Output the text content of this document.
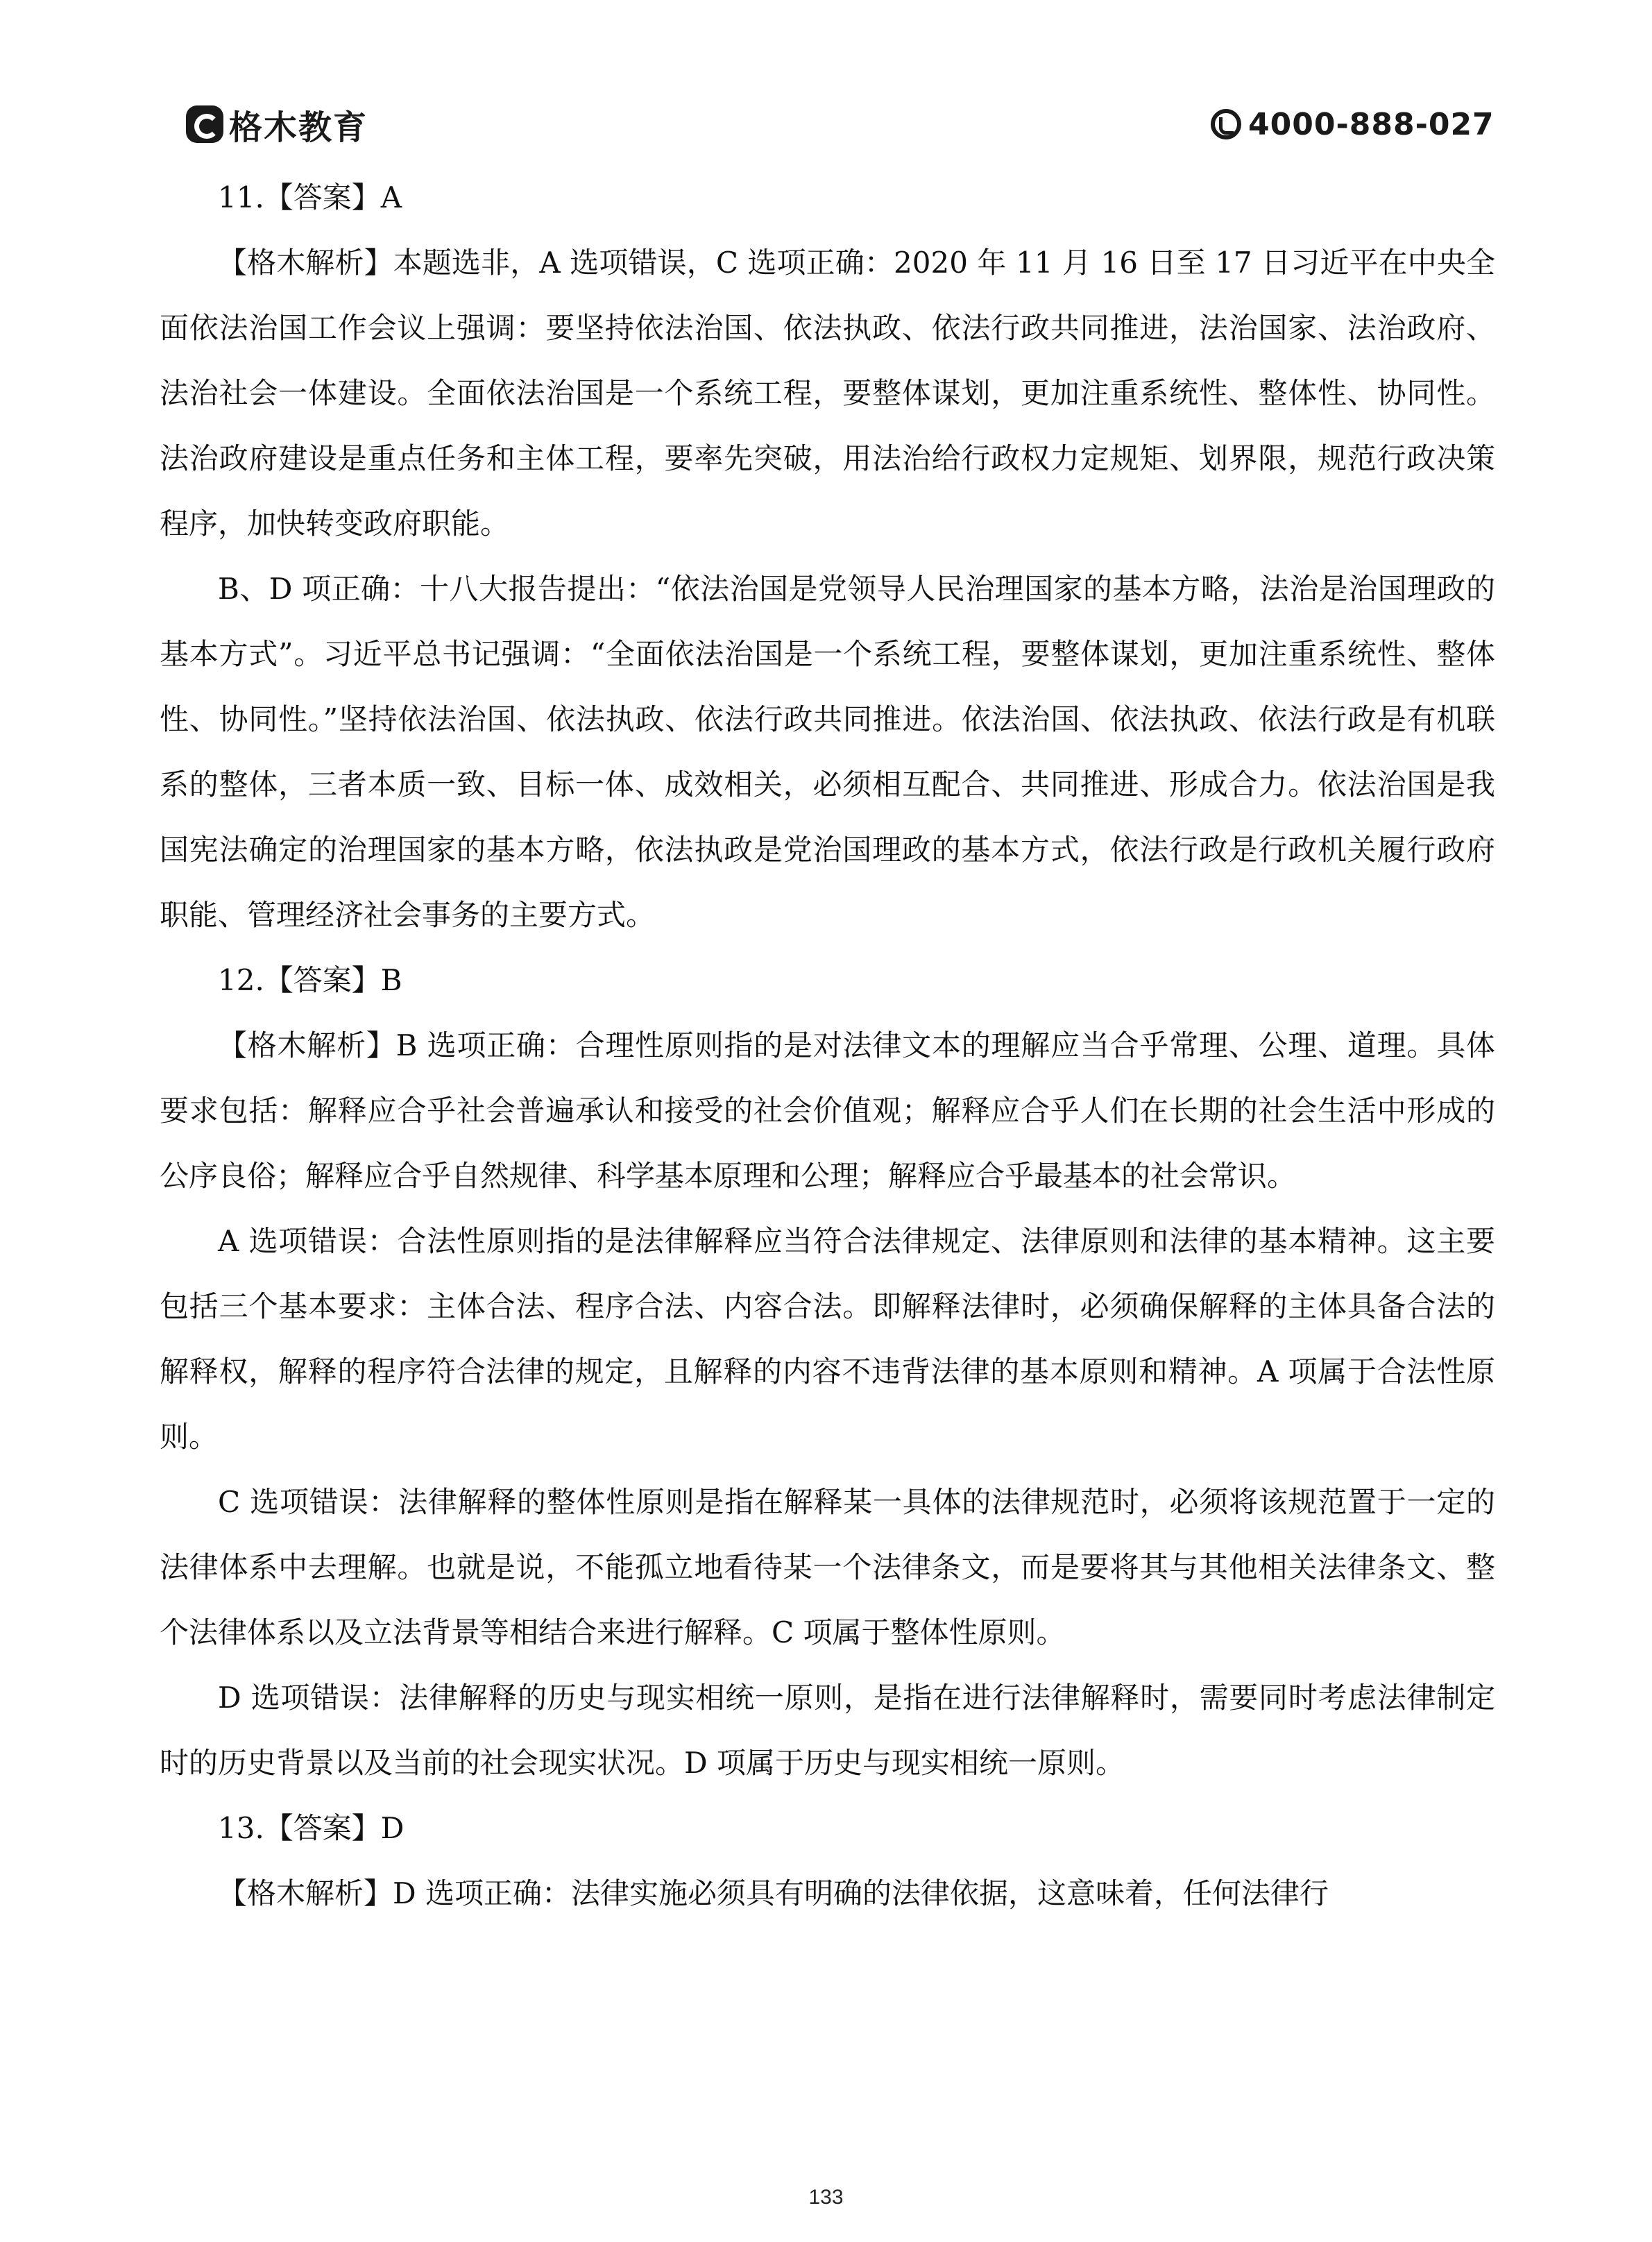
格木教育	4000-888-027

11.【答案】A

【格木解析】本题选非，A 选项错误，C 选项正确：2020 年 11 月 16 日至 17 日习近平在中央全面依法治国工作会议上强调：要坚持依法治国、依法执政、依法行政共同推进，法治国家、法治政府、法治社会一体建设。全面依法治国是一个系统工程，要整体谋划，更加注重系统性、整体性、协同性。法治政府建设是重点任务和主体工程，要率先突破，用法治给行政权力定规矩、划界限，规范行政决策程序，加快转变政府职能。

B、D 项正确：十八大报告提出：“依法治国是党领导人民治理国家的基本方略，法治是治国理政的基本方式”。习近平总书记强调：“全面依法治国是一个系统工程，要整体谋划，更加注重系统性、整体性、协同性。”坚持依法治国、依法执政、依法行政共同推进。依法治国、依法执政、依法行政是有机联系的整体，三者本质一致、目标一体、成效相关，必须相互配合、共同推进、形成合力。依法治国是我国宪法确定的治理国家的基本方略，依法执政是党治国理政的基本方式，依法行政是行政机关履行政府职能、管理经济社会事务的主要方式。

12.【答案】B

【格木解析】B 选项正确：合理性原则指的是对法律文本的理解应当合乎常理、公理、道理。具体要求包括：解释应合乎社会普遍承认和接受的社会价值观；解释应合乎人们在长期的社会生活中形成的公序良俗；解释应合乎自然规律、科学基本原理和公理；解释应合乎最基本的社会常识。

A 选项错误：合法性原则指的是法律解释应当符合法律规定、法律原则和法律的基本精神。这主要包括三个基本要求：主体合法、程序合法、内容合法。即解释法律时，必须确保解释的主体具备合法的解释权，解释的程序符合法律的规定，且解释的内容不违背法律的基本原则和精神。A 项属于合法性原则。

C 选项错误：法律解释的整体性原则是指在解释某一具体的法律规范时，必须将该规范置于一定的法律体系中去理解。也就是说，不能孤立地看待某一个法律条文，而是要将其与其他相关法律条文、整个法律体系以及立法背景等相结合来进行解释。C 项属于整体性原则。

D 选项错误：法律解释的历史与现实相统一原则，是指在进行法律解释时，需要同时考虑法律制定时的历史背景以及当前的社会现实状况。D 项属于历史与现实相统一原则。

13.【答案】D

【格木解析】D 选项正确：法律实施必须具有明确的法律依据，这意味着，任何法律行

133
